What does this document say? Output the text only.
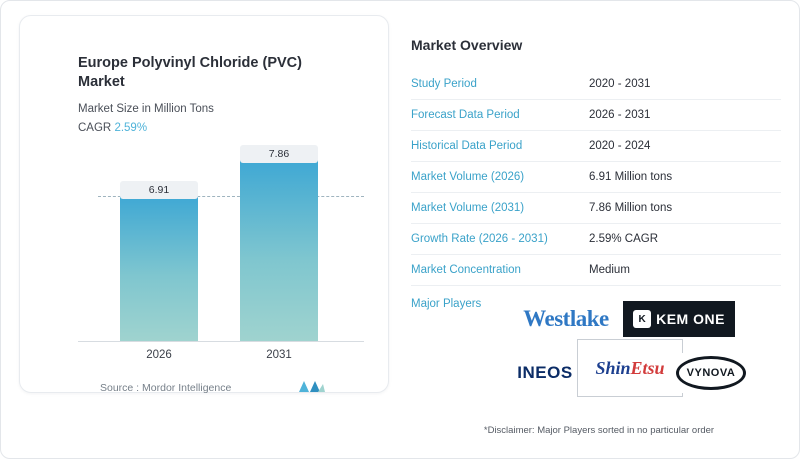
Europe Polyvinyl Chloride (PVC) Market
Market Size in Million Tons
CAGR 2.59%
6.91
7.86
2026	2031
Source : Mordor Intelligence
Market Overview
Study Period	2020 - 2031
Forecast Data Period	2026 - 2031
Historical Data Period	2020 - 2024
Market Volume (2026)	6.91 Million tons
Market Volume (2031)	7.86 Million tons
Growth Rate (2026 - 2031)	2.59% CAGR
Market Concentration	Medium
Major Players
Westlake	K KEM ONE
INEOS ShinEtsu	VYNOVA
*Disclaimer: Major Players sorted in no particular order
